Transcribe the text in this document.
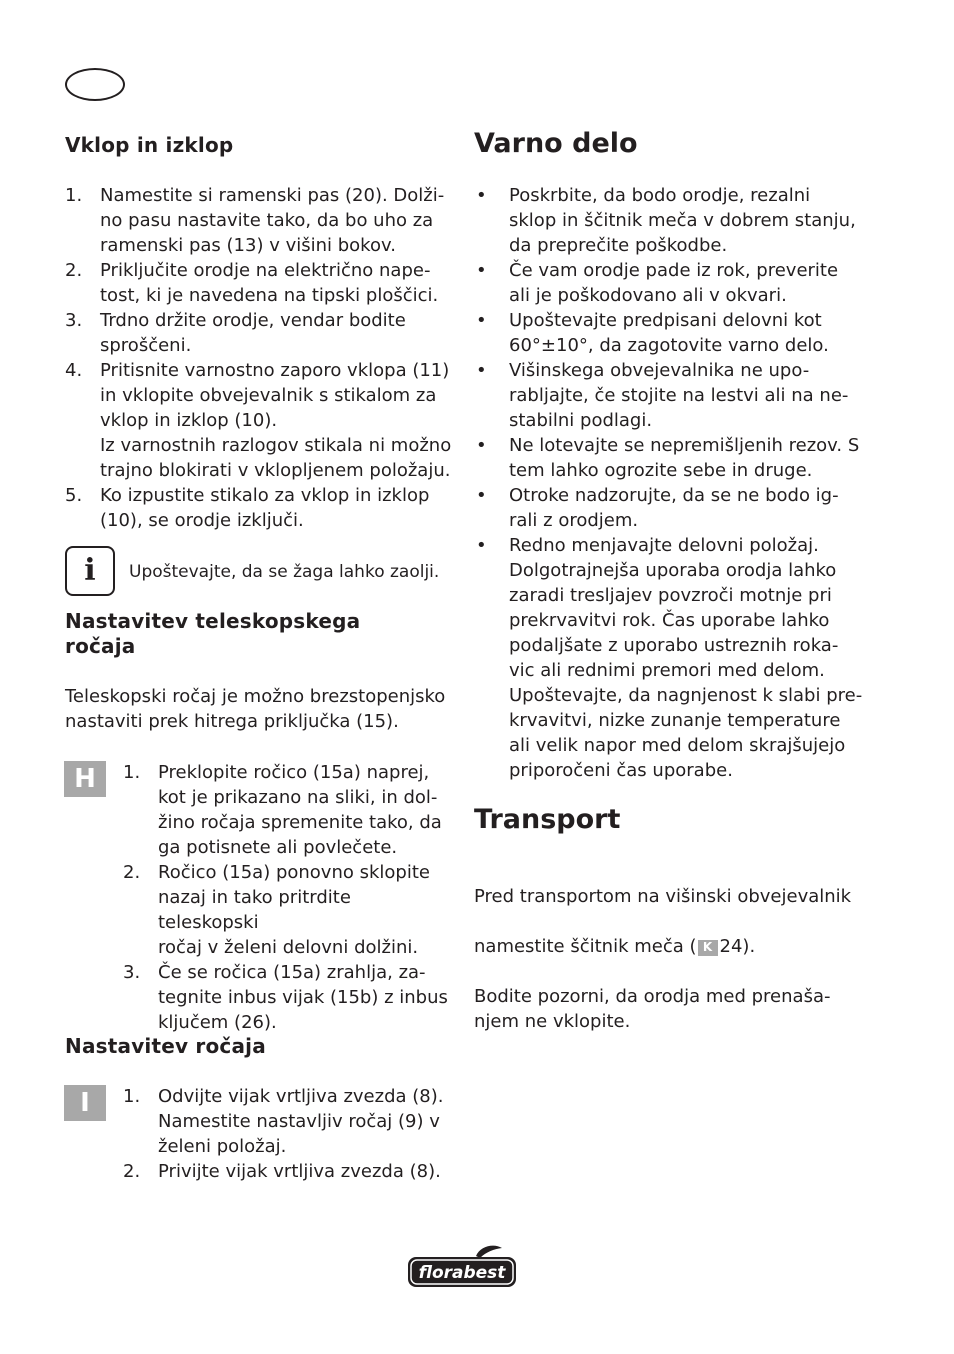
Vklop in izklop
1. Namestite si ramenski pas (20). Dolži-
no pasu nastavite tako, da bo uho za
ramenski pas (13) v višini bokov.
2. Priključite orodje na električno nape-
tost, ki je navedena na tipski ploščici.
3. Trdno držite orodje, vendar bodite
sproščeni.
4. Pritisnite varnostno zaporo vklopa (11)
in vklopite obvejevalnik s stikalom za
vklop in izklop (10).
Iz varnostnih razlogov stikala ni možno
trajno blokirati v vklopljenem položaju.
5. Ko izpustite stikalo za vklop in izklop
(10), se orodje izklјuči.
i Upoštevajte, da se žaga lahko zaolji.
Nastavitev teleskopskega
ročaja
Teleskopski ročaj je možno brezstopenjsko
nastaviti prek hitrega priključka (15).
H	1. Preklopite ročico (15a) naprej,
kot je prikazano na sliki, in dol-
žino ročaja spremenite tako, da
ga potisnete ali povlečete.
2. Ročico (15a) ponovno sklopite
nazaj in tako pritrdite teleskopski
ročaj v želeni delovni dolžini.
3. Če se ročica (15a) zrahlja, za-
tegnite inbus vijak (15b) z inbus
ključem (26).
Nastavitev ročaja
I	1. Odvijte vijak vrtljiva zvezda (8).
Namestite nastavljiv ročaj (9) v
želeni položaj.
2. Privijte vijak vrtljiva zvezda (8).
Varno delo
• Poskrbite, da bodo orodje, rezalni
sklop in ščitnik meča v dobrem stanju,
da preprečite poškodbe.
• Če vam orodje pade iz rok, preverite
ali je poškodovano ali v okvari.
• Upoštevajte predpisani delovni kot
60°±10°, da zagotovite varno delo.
• Višinskega obvejevalnika ne upo-
rabljajte, če stojite na lestvi ali na ne-
stabilni podlagi.
• Ne lotevajte se nepremišljenih rezov. S
tem lahko ogrozite sebe in druge.
• Otroke nadzorujte, da se ne bodo ig-
rali z orodjem.
• Redno menjavajte delovni položaj.
Dolgotrajnejša uporaba orodja lahko
zaradi tresljajev povzroči motnje pri
prekrvavitvi rok. Čas uporabe lahko
podaljšate z uporabo ustreznih roka-
vic ali rednimi premori med delom.
Upoštevajte, da nagnjenost k slabi pre-
krvavitvi, nizke zunanje temperature
ali velik napor med delom skrajšujejo
priporočeni čas uporabe.
Transport

Pred transportom na višinski obvejevalnik

namestite ščitnik meča ( K 24).

Bodite pozorni, da orodja med prenaša-
njem ne vklopite.

florabest
